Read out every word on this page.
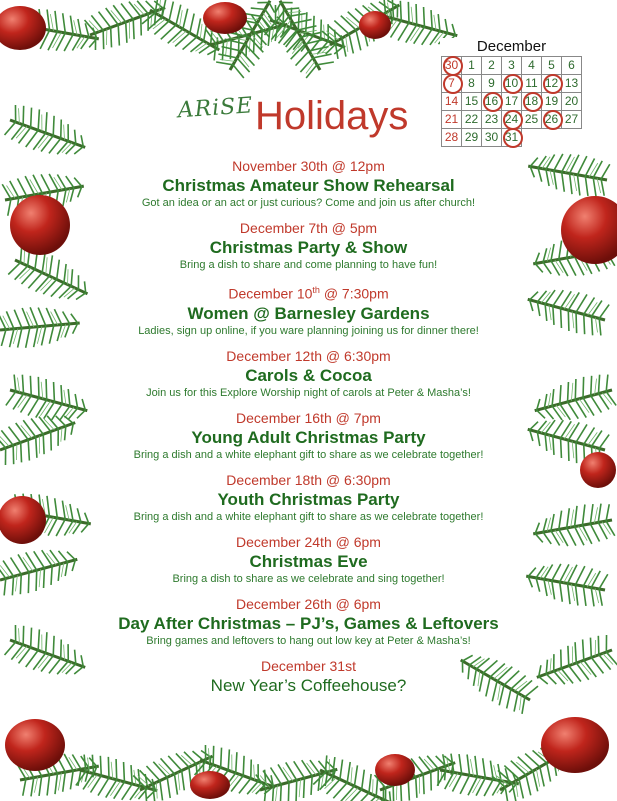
ARiSE Holidays
December
30 1	2	3	4	5	6
7	8	9 10 11 12 13
14 15 16 17 18 19 20
21 22 23 24 25 26 27
28 29 30 31
November 30th @ 12pm
Christmas Amateur Show Rehearsal
Got an idea or an act or just curious? Come and join us after church!
December 7th @ 5pm
Christmas Party & Show
Bring a dish to share and come planning to have fun!
December 10th @ 7:30pm
Women @ Barnesley Gardens
Ladies, sign up online, if you ware planning joining us for dinner there!
December 12th @ 6:30pm
Carols & Cocoa
Join us for this Explore Worship night of carols at Peter & Masha’s!
December 16th @ 7pm
Young Adult Christmas Party
Bring a dish and a white elephant gift to share as we celebrate together!
December 18th @ 6:30pm
Youth Christmas Party
Bring a dish and a white elephant gift to share as we celebrate together!
December 24th @ 6pm
Christmas Eve
Bring a dish to share as we celebrate and sing together!
December 26th @ 6pm
Day After Christmas – PJ’s, Games & Leftovers
Bring games and leftovers to hang out low key at Peter & Masha’s!
December 31st
New Year’s Coffeehouse?
